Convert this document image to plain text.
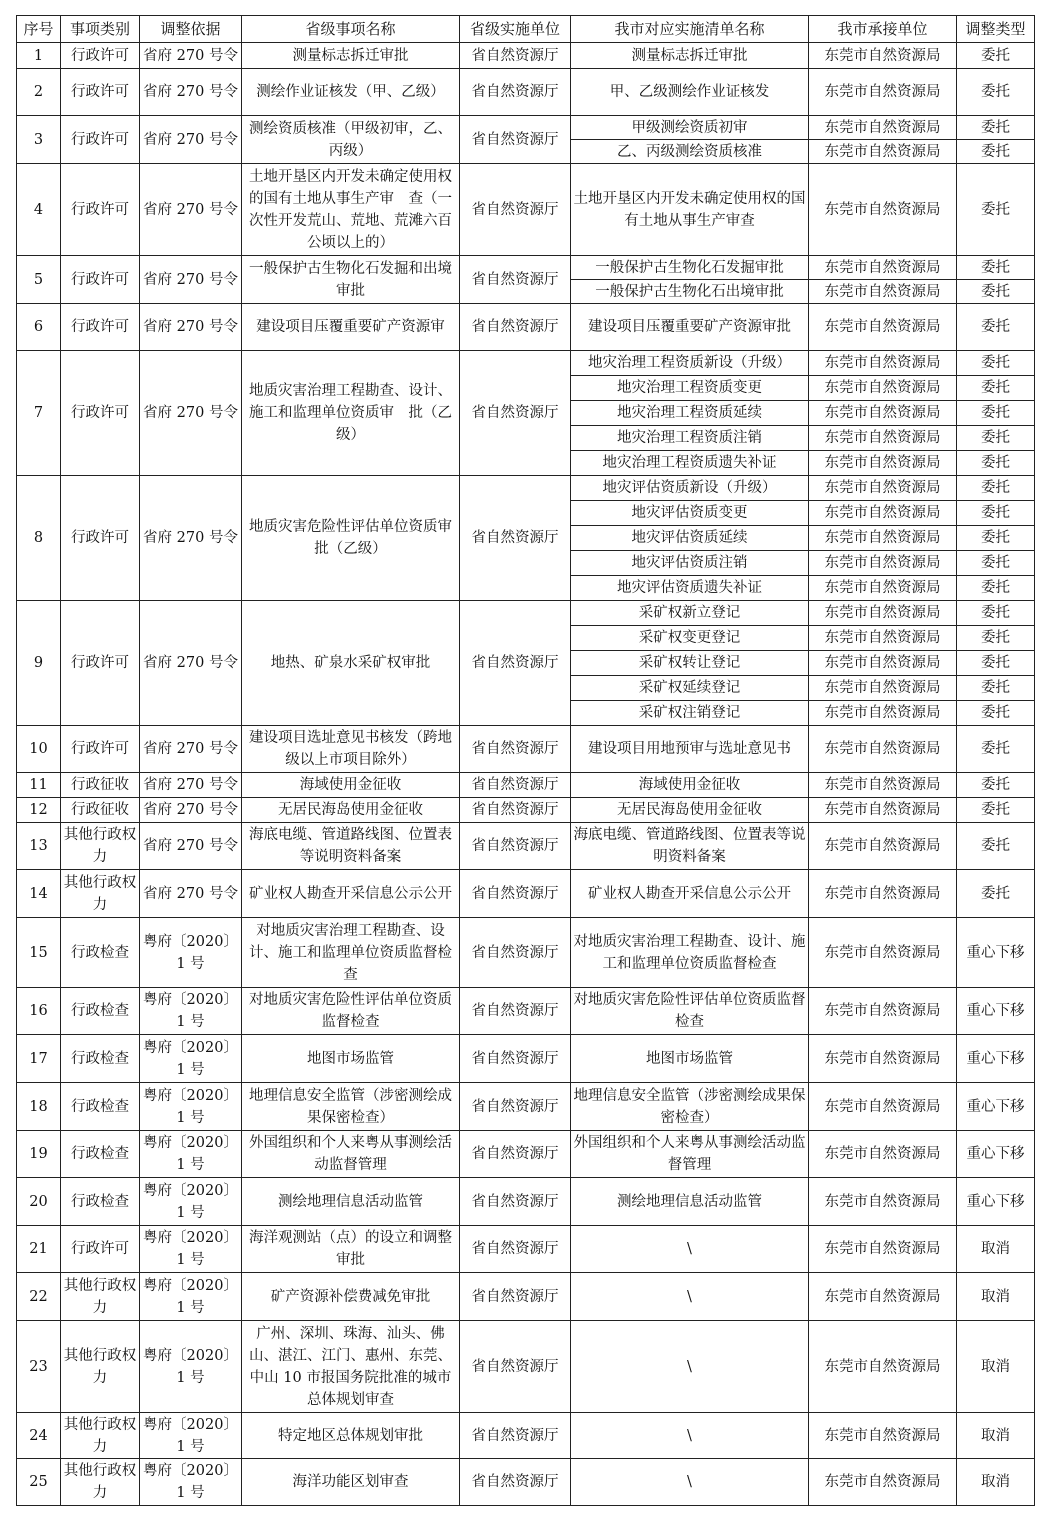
序号	事项类别	调整依据	省级事项名称	省级实施单位	我市对应实施清单名称	我市承接单位	调整类型
1	行政许可	省府 270 号令	测量标志拆迁审批	省自然资源厅	测量标志拆迁审批	东莞市自然资源局	委托
2	行政许可	省府 270 号令	测绘作业证核发（甲、乙级）	省自然资源厅	甲、乙级测绘作业证核发	东莞市自然资源局	委托
3	行政许可	省府 270 号令	测绘资质核准（甲级初审，乙、丙级）	省自然资源厅	甲级测绘资质初审	东莞市自然资源局	委托
					乙、丙级测绘资质核准	东莞市自然资源局	委托
4	行政许可	省府 270 号令	土地开垦区内开发未确定使用权的国有土地从事生产审　查（一次性开发荒山、荒地、荒滩六百公顷以上的）	省自然资源厅	土地开垦区内开发未确定使用权的国有土地从事生产审查	东莞市自然资源局	委托
5	行政许可	省府 270 号令	一般保护古生物化石发掘和出境审批	省自然资源厅	一般保护古生物化石发掘审批	东莞市自然资源局	委托
					一般保护古生物化石出境审批	东莞市自然资源局	委托
6	行政许可	省府 270 号令	建设项目压覆重要矿产资源审	省自然资源厅	建设项目压覆重要矿产资源审批	东莞市自然资源局	委托
7	行政许可	省府 270 号令	地质灾害治理工程勘查、设计、施工和监理单位资质审　批（乙级）	省自然资源厅	地灾治理工程资质新设（升级）	东莞市自然资源局	委托
					地灾治理工程资质变更	东莞市自然资源局	委托
					地灾治理工程资质延续	东莞市自然资源局	委托
					地灾治理工程资质注销	东莞市自然资源局	委托
					地灾治理工程资质遗失补证	东莞市自然资源局	委托
8	行政许可	省府 270 号令	地质灾害危险性评估单位资质审批（乙级）	省自然资源厅	地灾评估资质新设（升级）	东莞市自然资源局	委托
					地灾评估资质变更	东莞市自然资源局	委托
					地灾评估资质延续	东莞市自然资源局	委托
					地灾评估资质注销	东莞市自然资源局	委托
					地灾评估资质遗失补证	东莞市自然资源局	委托
9	行政许可	省府 270 号令	地热、矿泉水采矿权审批	省自然资源厅	采矿权新立登记	东莞市自然资源局	委托
					采矿权变更登记	东莞市自然资源局	委托
					采矿权转让登记	东莞市自然资源局	委托
					采矿权延续登记	东莞市自然资源局	委托
					采矿权注销登记	东莞市自然资源局	委托
10	行政许可	省府 270 号令	建设项目选址意见书核发（跨地级以上市项目除外）	省自然资源厅	建设项目用地预审与选址意见书	东莞市自然资源局	委托
11	行政征收	省府 270 号令	海域使用金征收	省自然资源厅	海域使用金征收	东莞市自然资源局	委托
12	行政征收	省府 270 号令	无居民海岛使用金征收	省自然资源厅	无居民海岛使用金征收	东莞市自然资源局	委托
13	其他行政权力	省府 270 号令	海底电缆、管道路线图、位置表等说明资料备案	省自然资源厅	海底电缆、管道路线图、位置表等说明资料备案	东莞市自然资源局	委托
14	其他行政权力	省府 270 号令	矿业权人勘查开采信息公示公开	省自然资源厅	矿业权人勘查开采信息公示公开	东莞市自然资源局	委托
15	行政检查	粤府〔2020〕1 号	对地质灾害治理工程勘查、设计、施工和监理单位资质监督检查	省自然资源厅	对地质灾害治理工程勘查、设计、施工和监理单位资质监督检查	东莞市自然资源局	重心下移
16	行政检查	粤府〔2020〕1 号	对地质灾害危险性评估单位资质监督检查	省自然资源厅	对地质灾害危险性评估单位资质监督检查	东莞市自然资源局	重心下移
17	行政检查	粤府〔2020〕1 号	地图市场监管	省自然资源厅	地图市场监管	东莞市自然资源局	重心下移
18	行政检查	粤府〔2020〕1 号	地理信息安全监管（涉密测绘成果保密检查）	省自然资源厅	地理信息安全监管（涉密测绘成果保密检查）	东莞市自然资源局	重心下移
19	行政检查	粤府〔2020〕1 号	外国组织和个人来粤从事测绘活动监督管理	省自然资源厅	外国组织和个人来粤从事测绘活动监督管理	东莞市自然资源局	重心下移
20	行政检查	粤府〔2020〕1 号	测绘地理信息活动监管	省自然资源厅	测绘地理信息活动监管	东莞市自然资源局	重心下移
21	行政许可	粤府〔2020〕1 号	海洋观测站（点）的设立和调整审批	省自然资源厅	\	东莞市自然资源局	取消
22	其他行政权力	粤府〔2020〕1 号	矿产资源补偿费减免审批	省自然资源厅	\	东莞市自然资源局	取消
23	其他行政权力	粤府〔2020〕1 号	广州、深圳、珠海、汕头、佛山、湛江、江门、惠州、东莞、中山 10 市报国务院批准的城市总体规划审查	省自然资源厅	\	东莞市自然资源局	取消
24	其他行政权力	粤府〔2020〕1 号	特定地区总体规划审批	省自然资源厅	\	东莞市自然资源局	取消
25	其他行政权力	粤府〔2020〕1 号	海洋功能区划审查	省自然资源厅	\	东莞市自然资源局	取消
